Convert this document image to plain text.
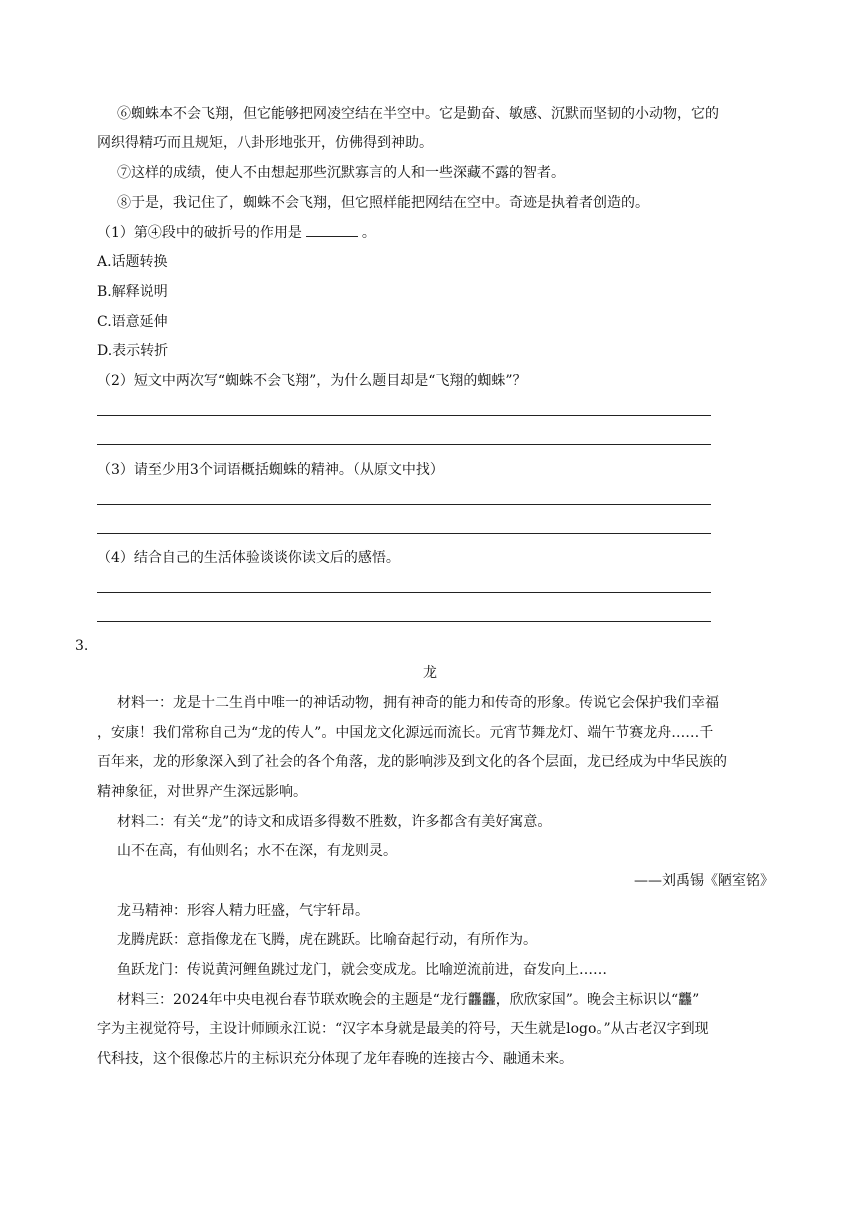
⑥蜘蛛本不会飞翔，但它能够把网凌空结在半空中。它是勤奋、敏感、沉默而坚韧的小动物，它的
网织得精巧而且规矩，八卦形地张开，仿佛得到神助。
⑦这样的成绩，使人不由想起那些沉默寡言的人和一些深藏不露的智者。
⑧于是，我记住了，蜘蛛不会飞翔，但它照样能把网结在空中。奇迹是执着者创造的。
（1）第④段中的破折号的作用是	。
A.话题转换
B.解释说明
C.语意延伸
D.表示转折
（2）短文中两次写“蜘蛛不会飞翔”，为什么题目却是“飞翔的蜘蛛”？
（3）请至少用3个词语概括蜘蛛的精神。（从原文中找）
（4）结合自己的生活体验谈谈你读文后的感悟。
3.
龙
材料一：龙是十二生肖中唯一的神话动物，拥有神奇的能力和传奇的形象。传说它会保护我们幸福
，安康！我们常称自己为“龙的传人”。中国龙文化源远而流长。元宵节舞龙灯、端午节赛龙舟……千
百年来，龙的形象深入到了社会的各个角落，龙的影响涉及到文化的各个层面，龙已经成为中华民族的
精神象征，对世界产生深远影响。
材料二：有关“龙”的诗文和成语多得数不胜数，许多都含有美好寓意。
山不在高，有仙则名；水不在深，有龙则灵。
——刘禹锡《陋室铭》
龙马精神：形容人精力旺盛，气宇轩昂。
龙腾虎跃：意指像龙在飞腾，虎在跳跃。比喻奋起行动，有所作为。
鱼跃龙门：传说黄河鲤鱼跳过龙门，就会变成龙。比喻逆流前进，奋发向上……
材料三：2024年中央电视台春节联欢晚会的主题是“龙行龘龘，欣欣家国”。晚会主标识以“龘”
字为主视觉符号，主设计师顾永江说：“汉字本身就是最美的符号，天生就是logo。”从古老汉字到现
代科技，这个很像芯片的主标识充分体现了龙年春晚的连接古今、融通未来。
